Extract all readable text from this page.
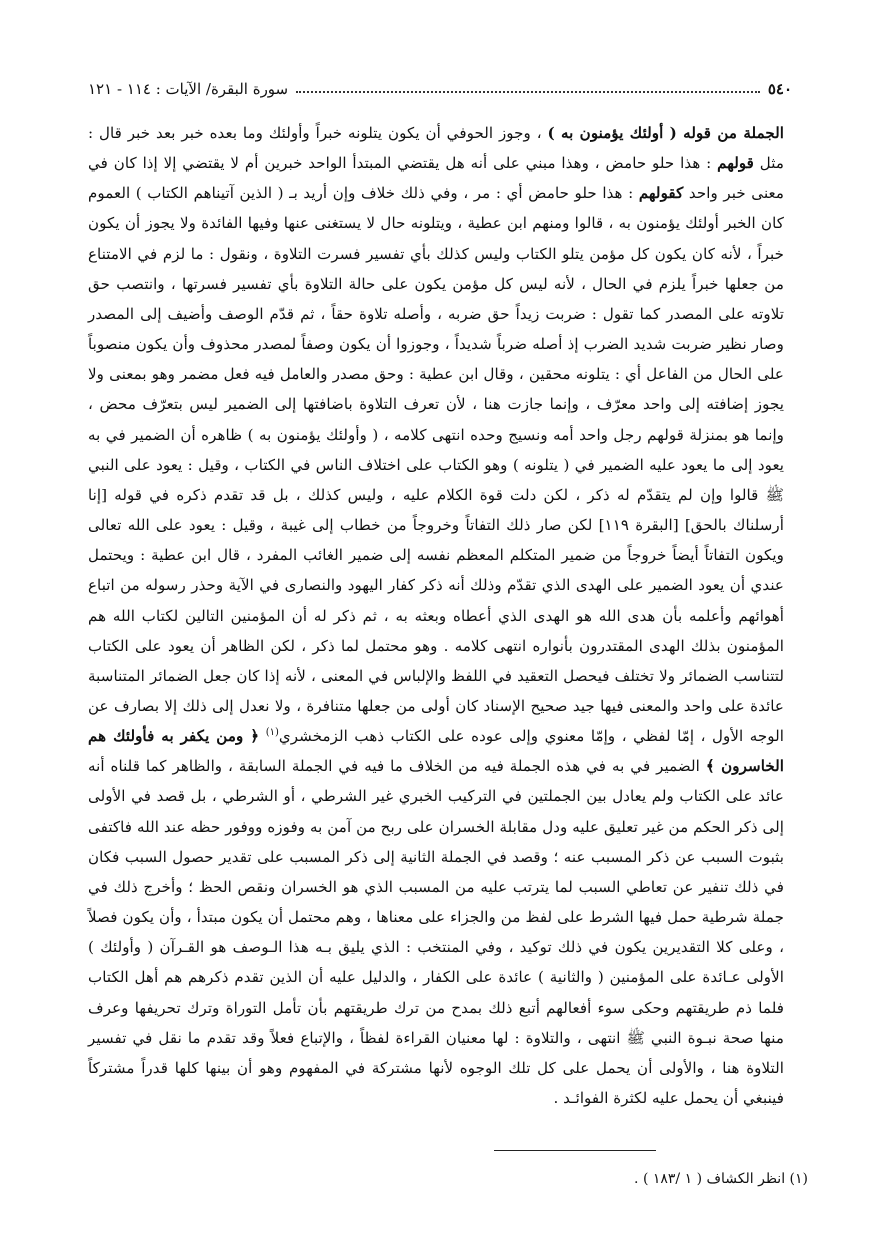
٥٤٠
سورة البقرة/ الآيات : ١١٤ - ١٢١

الجملة من قوله ( أولئك يؤمنون به ) ، وجوز الحوفي أن يكون يتلونه خبراً وأولئك وما بعده خبر بعد خبر قال : مثل قولهم : هذا حلو حامض ، وهذا مبني على أنه هل يقتضي المبتدأ الواحد خبرين أم لا يقتضي إلا إذا كان في معنى خبر واحد كقولهم : هذا حلو حامض أي : مر ، وفي ذلك خلاف وإن أريد بـ ( الذين آتيناهم الكتاب ) العموم كان الخبر أولئك يؤمنون به ، قالوا ومنهم ابن عطية ، ويتلونه حال لا يستغنى عنها وفيها الفائدة ولا يجوز أن يكون خبراً ، لأنه كان يكون كل مؤمن يتلو الكتاب وليس كذلك بأي تفسير فسرت التلاوة ، ونقول : ما لزم في الامتناع من جعلها خبراً يلزم في الحال ، لأنه ليس كل مؤمن يكون على حالة التلاوة بأي تفسير فسرتها ، وانتصب حق تلاوته على المصدر كما تقول : ضربت زيداً حق ضربه ، وأصله تلاوة حقاً ، ثم قدّم الوصف وأضيف إلى المصدر وصار نظير ضربت شديد الضرب إذ أصله ضرباً شديداً ، وجوزوا أن يكون وصفاً لمصدر محذوف وأن يكون منصوباً على الحال من الفاعل أي : يتلونه محقين ، وقال ابن عطية : وحق مصدر والعامل فيه فعل مضمر وهو بمعنى ولا يجوز إضافته إلى واحد معرّف ، وإنما جازت هنا ، لأن تعرف التلاوة باضافتها إلى الضمير ليس بتعرّف محض ، وإنما هو بمنزلة قولهم رجل واحد أمه ونسيج وحده انتهى كلامه ، ( وأولئك يؤمنون به ) ظاهره أن الضمير في به يعود إلى ما يعود عليه الضمير في ( يتلونه ) وهو الكتاب على اختلاف الناس في الكتاب ، وقيل : يعود على النبي ﷺ قالوا وإن لم يتقدّم له ذكر ، لكن دلت قوة الكلام عليه ، وليس كذلك ، بل قد تقدم ذكره في قوله [إنا أرسلناك بالحق] [البقرة ١١٩] لكن صار ذلك التفاتاً وخروجاً من خطاب إلى غيبة ، وقيل : يعود على الله تعالى ويكون التفاتاً أيضاً خروجاً من ضمير المتكلم المعظم نفسه إلى ضمير الغائب المفرد ، قال ابن عطية : ويحتمل عندي أن يعود الضمير على الهدى الذي تقدّم وذلك أنه ذكر كفار اليهود والنصارى في الآية وحذر رسوله من اتباع أهوائهم وأعلمه بأن هدى الله هو الهدى الذي أعطاه وبعثه به ، ثم ذكر له أن المؤمنين التالين لكتاب الله هم المؤمنون بذلك الهدى المقتدرون بأنواره انتهى كلامه . وهو محتمل لما ذكر ، لكن الظاهر أن يعود على الكتاب لتتناسب الضمائر ولا تختلف فيحصل التعقيد في اللفظ والإلباس في المعنى ، لأنه إذا كان جعل الضمائر المتناسبة عائدة على واحد والمعنى فيها جيد صحيح الإسناد كان أولى من جعلها متنافرة ، ولا نعدل إلى ذلك إلا بصارف عن الوجه الأول ، إمّا لفظي ، وإمّا معنوي وإلى عوده على الكتاب ذهب الزمخشري$^{(١)}$ ﴿ ومن يكفر به فأولئك هم الخاسرون ﴾ الضمير في به في هذه الجملة فيه من الخلاف ما فيه في الجملة السابقة ، والظاهر كما قلناه أنه عائد على الكتاب ولم يعادل بين الجملتين في التركيب الخبري غير الشرطي ، أو الشرطي ، بل قصد في الأولى إلى ذكر الحكم من غير تعليق عليه ودل مقابلة الخسران على ربح من آمن به وفوزه ووفور حظه عند الله فاكتفى بثبوت السبب عن ذكر المسبب عنه ؛ وقصد في الجملة الثانية إلى ذكر المسبب على تقدير حصول السبب فكان في ذلك تنفير عن تعاطي السبب لما يترتب عليه من المسبب الذي هو الخسران ونقص الحظ ؛ وأخرج ذلك في جملة شرطية حمل فيها الشرط على لفظ من والجزاء على معناها ، وهم محتمل أن يكون مبتدأ ، وأن يكون فصلاً ، وعلى كلا التقديرين يكون في ذلك توكيد ، وفي المنتخب : الذي يليق بـه هذا الـوصف هو القـرآن ( وأولئك ) الأولى عـائدة على المؤمنين ( والثانية ) عائدة على الكفار ، والدليل عليه أن الذين تقدم ذكرهم هم أهل الكتاب فلما ذم طريقتهم وحكى سوء أفعالهم أتبع ذلك بمدح من ترك طريقتهم بأن تأمل التوراة وترك تحريفها وعرف منها صحة نبـوة النبي ﷺ انتهى ، والتلاوة : لها معنيان القراءة لفظاً ، والإتباع فعلاً وقد تقدم ما نقل في تفسير التلاوة هنا ، والأولى أن يحمل على كل تلك الوجوه لأنها مشتركة في المفهوم وهو أن بينها كلها قدراً مشتركاً فينبغي أن يحمل عليه لكثرة الفوائـد .

(١) انظر الكشاف ( ١ /١٨٣ ) .
